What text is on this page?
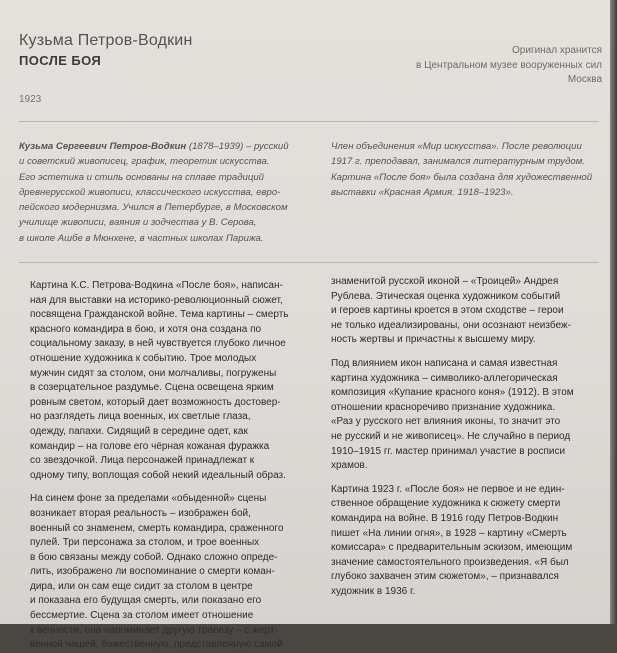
Кузьма Петров-Водкин
ПОСЛЕ БОЯ
1923
Оригинал хранится
в Центральном музее вооруженных сил
Москва
Кузьма Сергеевич Петров-Водкин (1878–1939) – русский
и советский живописец, график, теоретик искусства.
Его эстетика и стиль основаны на сплаве традиций
древнерусской живописи, классического искусства, евро-
пейского модернизма. Учился в Петербурге, в Московском
училище живописи, ваяния и зодчества у В. Серова,
в школе Ашбе в Мюнхене, в частных школах Парижа.
Член объединения «Мир искусства». После революции
1917 г. преподавал, занимался литературным трудом.
Картина «После боя» была создана для художественной
выставки «Красная Армия. 1918–1923».
Картина К.С. Петрова-Водкина «После боя», написан-
ная для выставки на историко-революционный сюжет,
посвящена Гражданской войне. Тема картины – смерть
красного командира в бою, и хотя она создана по
социальному заказу, в ней чувствуется глубоко личное
отношение художника к событию. Трое молодых
мужчин сидят за столом, они молчаливы, погружены
в созерцательное раздумье. Сцена освещена ярким
ровным светом, который дает возможность достовер-
но разглядеть лица военных, их светлые глаза,
одежду, папахи. Сидящий в середине одет, как
командир – на голове его чёрная кожаная фуражка
со звездочкой. Лица персонажей принадлежат к
одному типу, воплощая собой некий идеальный образ.
На синем фоне за пределами «обыденной» сцены
возникает вторая реальность – изображен бой,
военный со знаменем, смерть командира, сраженного
пулей. Три персонажа за столом, и трое военных
в бою связаны между собой. Однако сложно опреде-
лить, изображено ли воспоминание о смерти коман-
дира, или он сам еще сидит за столом в центре
и показана его будущая смерть, или показано его
бессмертие. Сцена за столом имеет отношение
к вечности, она напоминает другую трапезу – с жерт-
венной чашей, божественную, представленную самой
знаменитой русской иконой – «Троицей» Андрея
Рублева. Этическая оценка художником событий
и героев картины кроется в этом сходстве – герои
не только идеализированы, они осознают неизбеж-
ность жертвы и причастны к высшему миру.
Под влиянием икон написана и самая известная
картина художника – символико-аллегорическая
композиция «Купание красного коня» (1912). В этом
отношении красноречиво признание художника.
«Раз у русского нет влияния иконы, то значит это
не русский и не живописец». Не случайно в период
1910–1915 гг. мастер принимал участие в росписи
храмов.
Картина 1923 г. «После боя» не первое и не един-
ственное обращение художника к сюжету смерти
командира на войне. В 1916 году Петров-Водкин
пишет «На линии огня», в 1928 – картину «Смерть
комиссара» с предварительным эскизом, имеющим
значение самостоятельного произведения. «Я был
глубоко захвачен этим сюжетом», – признавался
художник в 1936 г.
